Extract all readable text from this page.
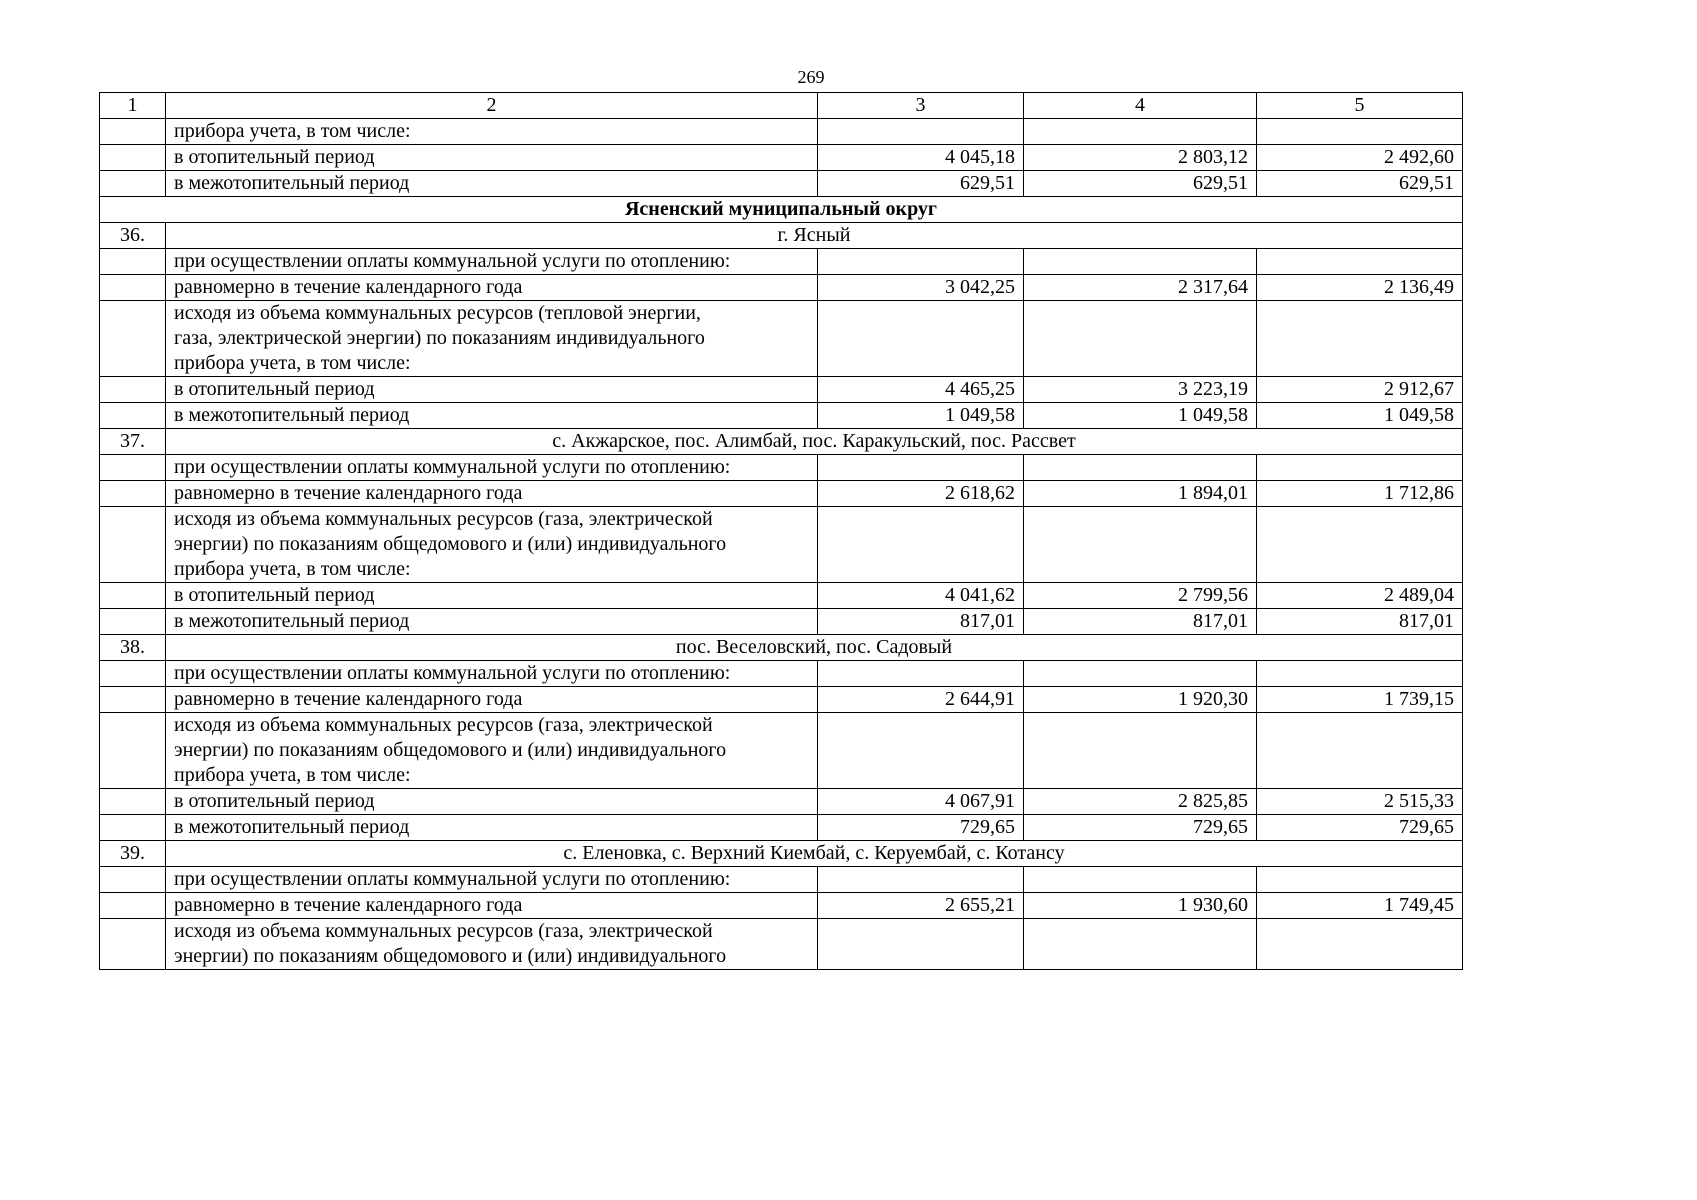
269
1	2	3	4	5
	прибора учета, в том числе:			
	в отопительный период	4 045,18	2 803,12	2 492,60
	в межотопительный период	629,51	629,51	629,51
Ясненский муниципальный округ				
36.	г. Ясный			
	при осуществлении оплаты коммунальной услуги по отоплению:			
	равномерно в течение календарного года	3 042,25	2 317,64	2 136,49

	исходя из объема коммунальных ресурсов (тепловой энергии,
газа, электрической энергии) по показаниям индивидуального
прибора учета, в том числе:			

	в отопительный период	4 465,25	3 223,19	2 912,67
	в межотопительный период	1 049,58	1 049,58	1 049,58
37.	с. Акжарское, пос. Алимбай, пос. Каракульский, пос. Рассвет			
	при осуществлении оплаты коммунальной услуги по отоплению:			
	равномерно в течение календарного года	2 618,62	1 894,01	1 712,86

	исходя из объема коммунальных ресурсов (газа, электрической
энергии) по показаниям общедомового и (или) индивидуального
прибора учета, в том числе:			

	в отопительный период	4 041,62	2 799,56	2 489,04
	в межотопительный период	817,01	817,01	817,01
38.	пос. Веселовский, пос. Садовый			
	при осуществлении оплаты коммунальной услуги по отоплению:			
	равномерно в течение календарного года	2 644,91	1 920,30	1 739,15

	исходя из объема коммунальных ресурсов (газа, электрической
энергии) по показаниям общедомового и (или) индивидуального
прибора учета, в том числе:			

	в отопительный период	4 067,91	2 825,85	2 515,33
	в межотопительный период	729,65	729,65	729,65
39.	с. Еленовка, с. Верхний Киембай, с. Керуембай, с. Котансу			
	при осуществлении оплаты коммунальной услуги по отоплению:			
	равномерно в течение календарного года	2 655,21	1 930,60	1 749,45

	исходя из объема коммунальных ресурсов (газа, электрической
энергии) по показаниям общедомового и (или) индивидуального			
